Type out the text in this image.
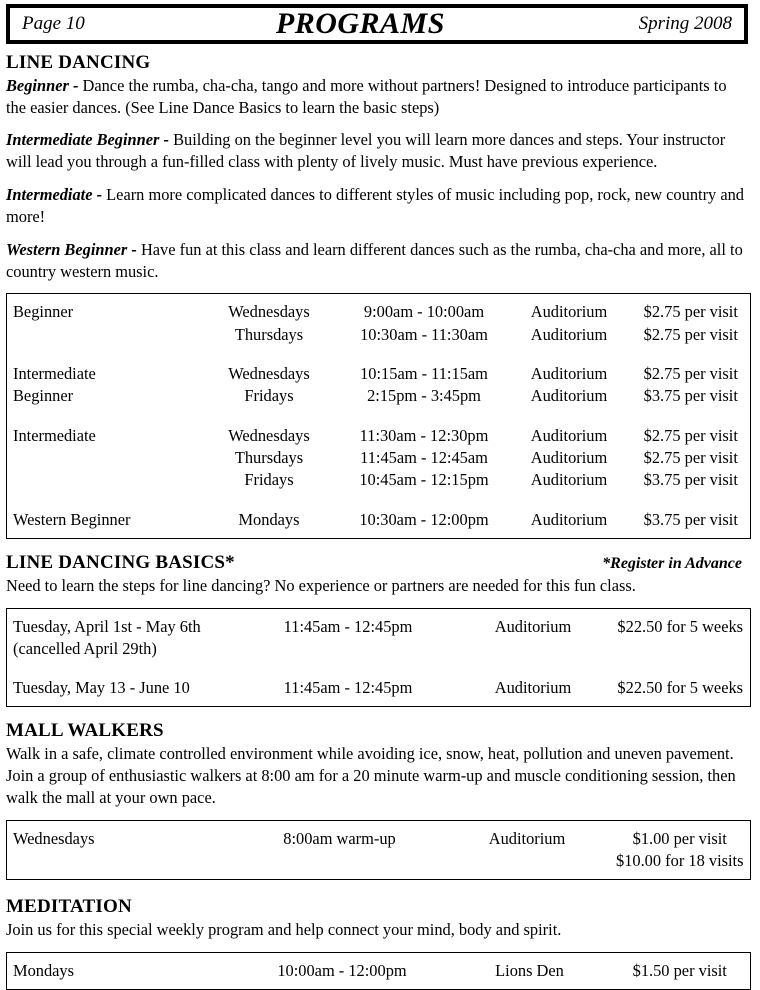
Page 10	PROGRAMS	Spring 2008
LINE DANCING

Beginner - Dance the rumba, cha-cha, tango and more without partners! Designed to introduce participants to the easier dances. (See Line Dance Basics to learn the basic steps)

Intermediate Beginner - Building on the beginner level you will learn more dances and steps. Your instructor will lead you through a fun-filled class with plenty of lively music. Must have previous experience.

Intermediate - Learn more complicated dances to different styles of music including pop, rock, new country and more!

Western Beginner - Have fun at this class and learn different dances such as the rumba, cha-cha and more, all to country western music.

Beginner	Wednesdays	9:00am - 10:00am	Auditorium	$2.75 per visit
	Thursdays	10:30am - 11:30am	Auditorium	$2.75 per visit

Intermediate	Wednesdays	10:15am - 11:15am	Auditorium	$2.75 per visit
Beginner	Fridays	2:15pm - 3:45pm	Auditorium	$3.75 per visit

Intermediate	Wednesdays	11:30am - 12:30pm	Auditorium	$2.75 per visit
	Thursdays	11:45am - 12:45am	Auditorium	$2.75 per visit
	Fridays	10:45am - 12:15pm	Auditorium	$3.75 per visit

Western Beginner	Mondays	10:30am - 12:00pm	Auditorium	$3.75 per visit

LINE DANCING BASICS*	*Register in Advance

Need to learn the steps for line dancing? No experience or partners are needed for this fun class.

Tuesday, April 1st - May 6th
(cancelled April 29th)	11:45am - 12:45pm	Auditorium	$22.50 for 5 weeks

Tuesday, May 13 - June 10	11:45am - 12:45pm	Auditorium	$22.50 for 5 weeks

MALL WALKERS

Walk in a safe, climate controlled environment while avoiding ice, snow, heat, pollution and uneven pavement. Join a group of enthusiastic walkers at 8:00 am for a 20 minute warm-up and muscle conditioning session, then walk the mall at your own pace.

Wednesdays	8:00am warm-up	Auditorium	$1.00 per visit
$10.00 for 18 visits

MEDITATION

Join us for this special weekly program and help connect your mind, body and spirit.

Mondays	10:00am - 12:00pm	Lions Den	$1.50 per visit
